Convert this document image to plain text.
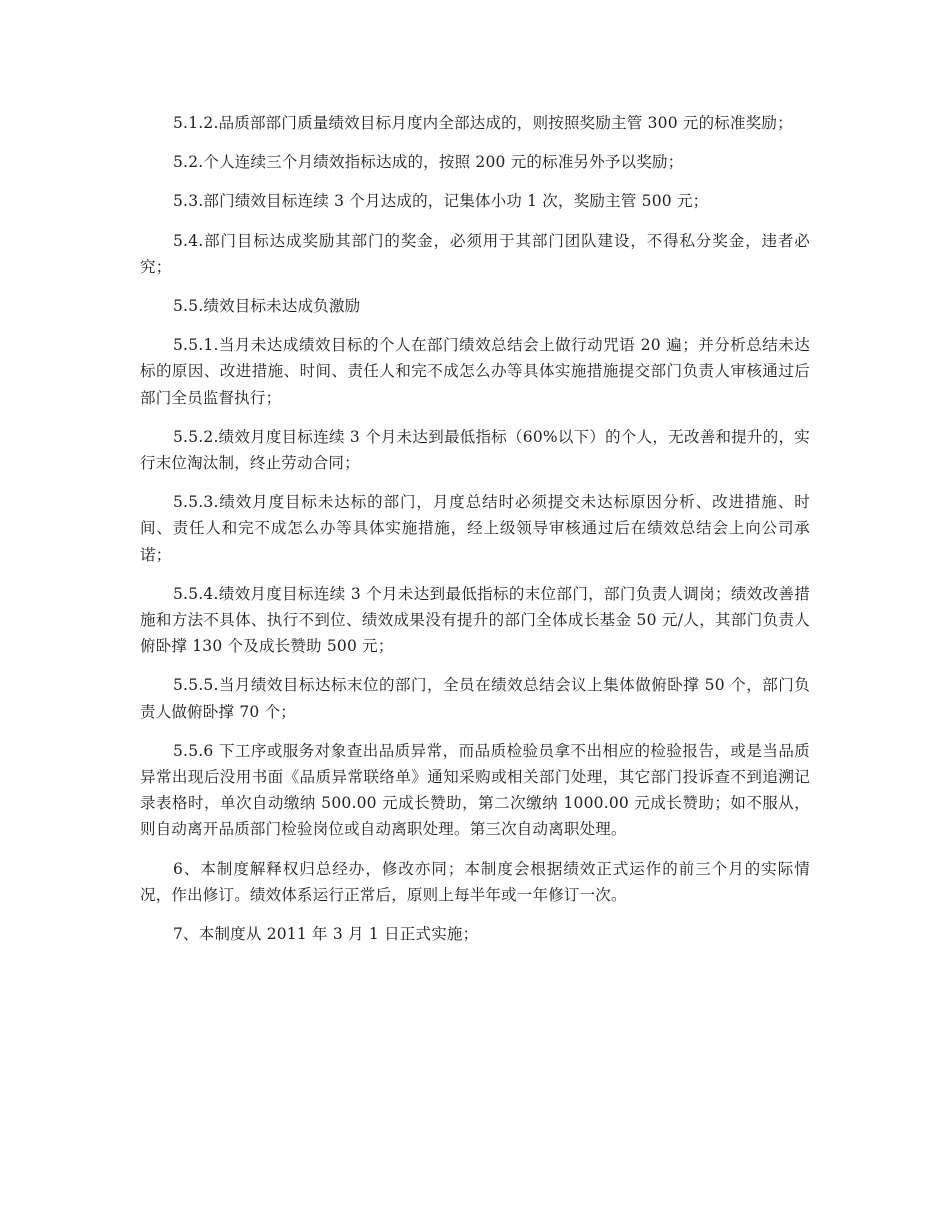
5.1.2.品质部部门质量绩效目标月度内全部达成的，则按照奖励主管 300 元的标准奖励；

5.2.个人连续三个月绩效指标达成的，按照 200 元的标准另外予以奖励；

5.3.部门绩效目标连续 3 个月达成的，记集体小功 1 次，奖励主管 500 元；

5.4.部门目标达成奖励其部门的奖金，必须用于其部门团队建设，不得私分奖金，违者必究；

5.5.绩效目标未达成负激励

5.5.1.当月未达成绩效目标的个人在部门绩效总结会上做行动咒语 20 遍；并分析总结未达标的原因、改进措施、时间、责任人和完不成怎么办等具体实施措施提交部门负责人审核通过后部门全员监督执行；

5.5.2.绩效月度目标连续 3 个月未达到最低指标（60%以下）的个人，无改善和提升的，实行末位淘汰制，终止劳动合同；

5.5.3.绩效月度目标未达标的部门，月度总结时必须提交未达标原因分析、改进措施、时间、责任人和完不成怎么办等具体实施措施，经上级领导审核通过后在绩效总结会上向公司承诺；

5.5.4.绩效月度目标连续 3 个月未达到最低指标的末位部门，部门负责人调岗；绩效改善措施和方法不具体、执行不到位、绩效成果没有提升的部门全体成长基金 50 元/人，其部门负责人俯卧撑 130 个及成长赞助 500 元；

5.5.5.当月绩效目标达标末位的部门，全员在绩效总结会议上集体做俯卧撑 50 个，部门负责人做俯卧撑 70 个；

5.5.6 下工序或服务对象查出品质异常，而品质检验员拿不出相应的检验报告，或是当品质异常出现后没用书面《品质异常联络单》通知采购或相关部门处理，其它部门投诉查不到追溯记录表格时，单次自动缴纳 500.00 元成长赞助，第二次缴纳 1000.00 元成长赞助；如不服从，则自动离开品质部门检验岗位或自动离职处理。第三次自动离职处理。

6、本制度解释权归总经办，修改亦同；本制度会根据绩效正式运作的前三个月的实际情况，作出修订。绩效体系运行正常后，原则上每半年或一年修订一次。

7、本制度从 2011 年 3 月 1 日正式实施；
